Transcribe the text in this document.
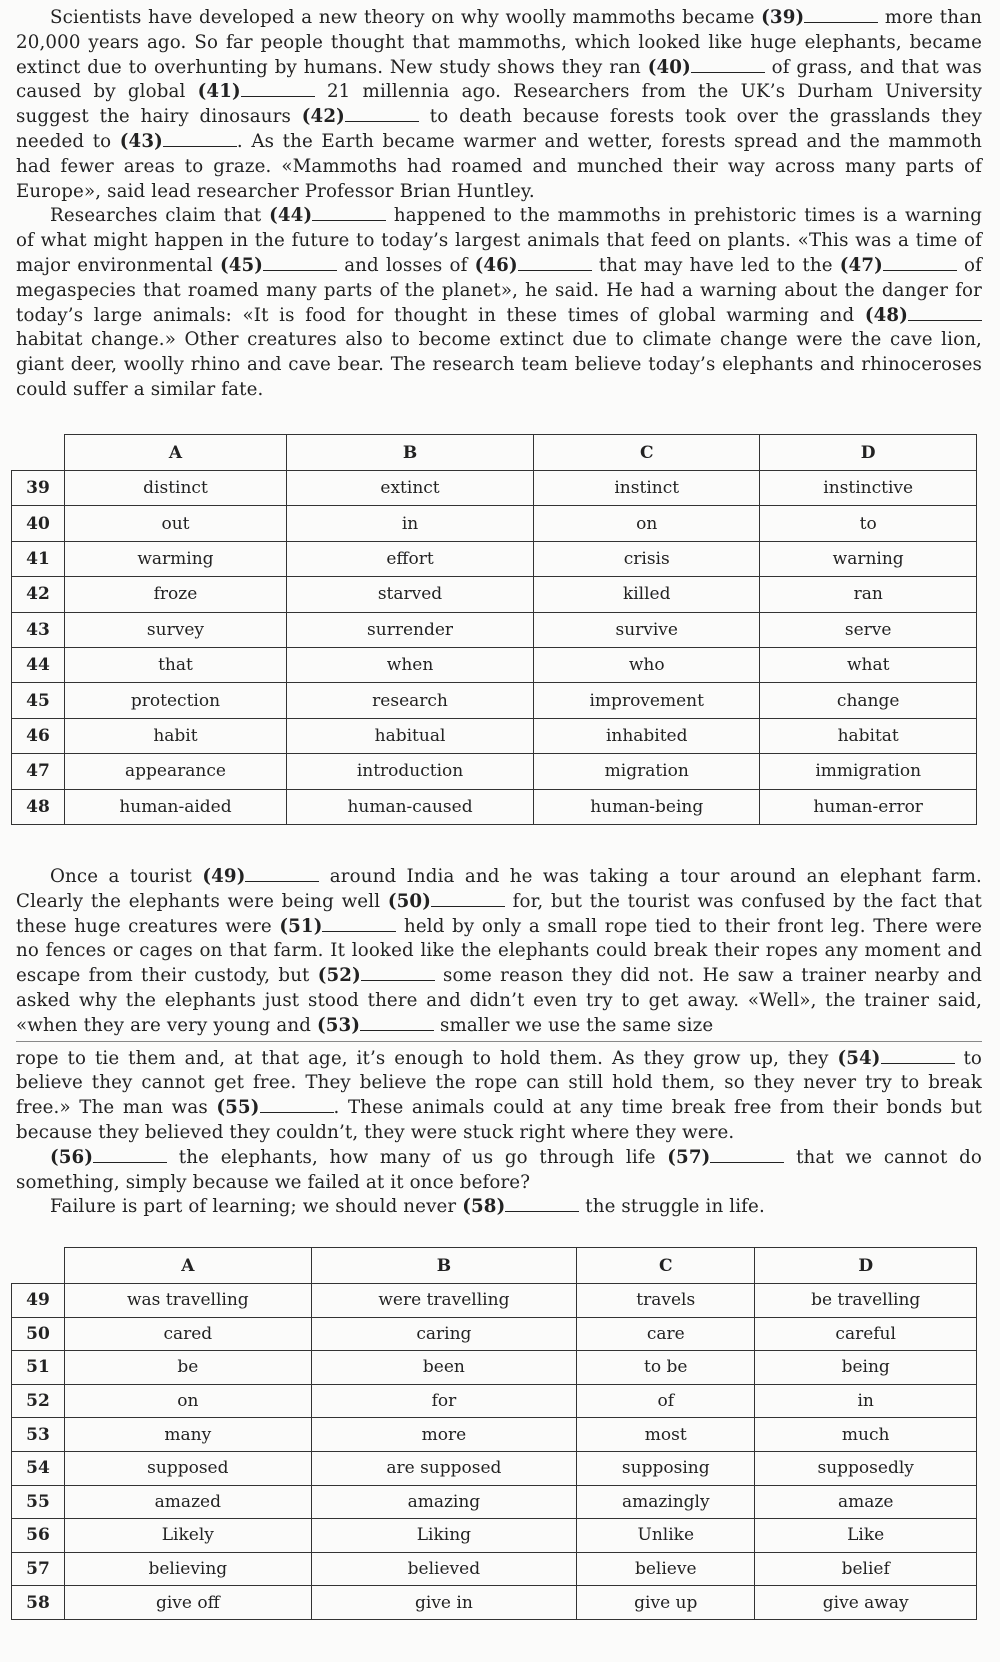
Scientists have developed a new theory on why woolly mammoths became (39)	more than 20,000 years ago. So far people thought that mammoths, which looked like huge elephants, became extinct due to overhunting by humans. New study shows they ran (40)	of grass, and that was caused by global (41)	21 millennia ago. Researchers from the UK’s Durham University suggest the hairy dinosaurs (42)	to death because forests took over the grasslands they needed to (43)	. As the Earth became warmer and wetter, forests spread and the mammoth had fewer areas to graze. «Mammoths had roamed and munched their way across many parts of Europe», said lead researcher Professor Brian Huntley.

Researches claim that (44)	happened to the mammoths in prehistoric times is a warning of what might happen in the future to today’s largest animals that feed on plants. «This was a time of major environmental (45)	and losses of (46)	that may have led to the (47)	of megaspecies that roamed many parts of the planet», he said. He had a warning about the danger for today’s large animals: «It is food for thought in these times of global warming and (48) habitat change.» Other creatures also to become extinct due to climate change were the cave lion, giant deer, woolly rhino and cave bear. The research team believe today’s elephants and rhinoceroses could suffer a similar fate.

	A	B	C	D
39	distinct	extinct	instinct	instinctive
40	out	in	on	to
41	warming	effort	crisis	warning
42	froze	starved	killed	ran
43	survey	surrender	survive	serve
44	that	when	who	what
45	protection	research	improvement	change
46	habit	habitual	inhabited	habitat
47	appearance	introduction	migration	immigration
48	human-aided	human-caused	human-being	human-error

Once a tourist (49)	around India and he was taking a tour around an elephant farm. Clearly the elephants were being well (50)	for, but the tourist was confused by the fact that these huge creatures were (51)	held by only a small rope tied to their front leg. There were no fences or cages on that farm. It looked like the elephants could break their ropes any moment and escape from their custody, but (52)	some reason they did not. He saw a trainer nearby and asked why the elephants just stood there and didn’t even try to get away. «Well», the trainer said, «when they are very young and (53)	smaller we use the same size

rope to tie them and, at that age, it’s enough to hold them. As they grow up, they (54)	to believe they cannot get free. They believe the rope can still hold them, so they never try to break free.» The man was (55)	. These animals could at any time break free from their bonds but because they believed they couldn’t, they were stuck right where they were.

(56)	the elephants, how many of us go through life (57)	that we cannot do something, simply because we failed at it once before?

Failure is part of learning; we should never (58)	the struggle in life.

	A	B	C	D
49	was travelling	were travelling	travels	be travelling
50	cared	caring	care	careful
51	be	been	to be	being
52	on	for	of	in
53	many	more	most	much
54	supposed	are supposed	supposing	supposedly
55	amazed	amazing	amazingly	amaze
56	Likely	Liking	Unlike	Like
57	believing	believed	believe	belief
58	give off	give in	give up	give away
